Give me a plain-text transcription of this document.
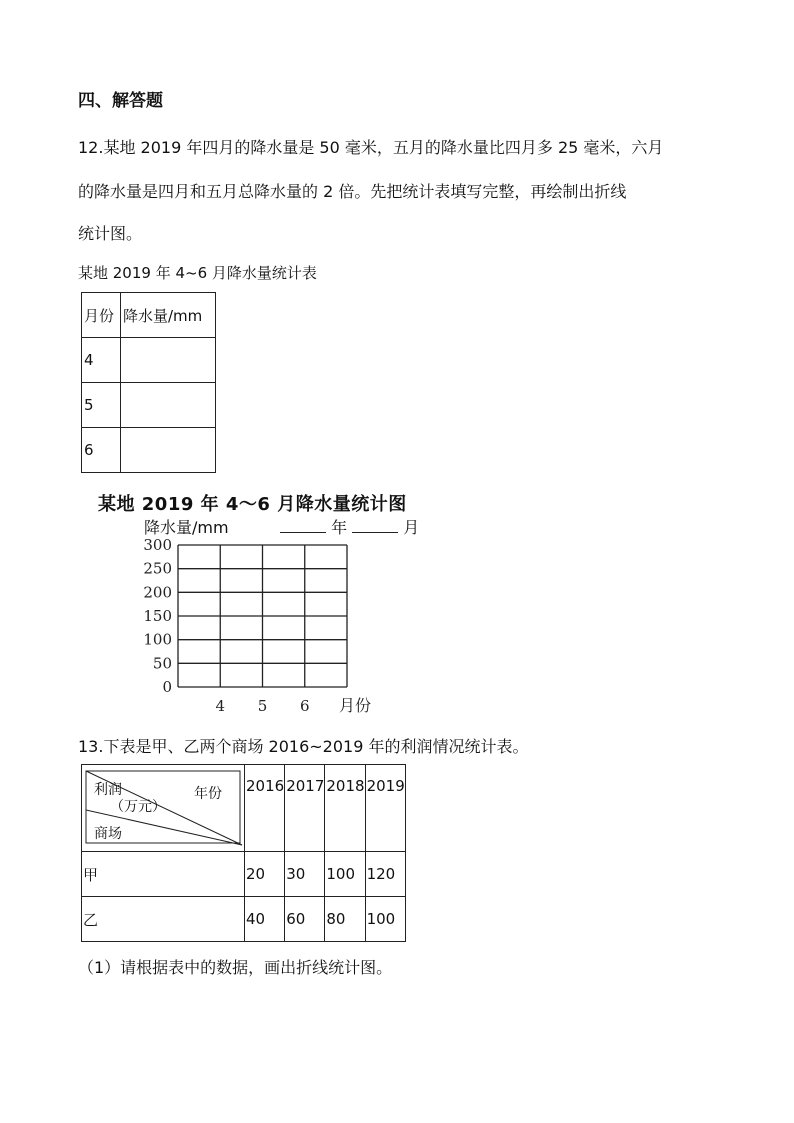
四、解答题
12.某地 2019 年四月的降水量是 50 毫米，五月的降水量比四月多 25 毫米，六月
的降水量是四月和五月总降水量的 2 倍。先把统计表填写完整，再绘制出折线
统计图。
某地 2019 年 4~6 月降水量统计表
月份	降水量/mm
4	
5	
6	
某地 2019 年 4～6 月降水量统计图
降水量/mm	年	月
0
50
100
150
200
250
300
4 5 6 月份
13.下表是甲、乙两个商场 2016~2019 年的利润情况统计表。
利润
（万元）
年份
商场	2016	2017	2018	2019
甲	20	30	100	120
乙	40	60	80	100
（1）请根据表中的数据，画出折线统计图。
